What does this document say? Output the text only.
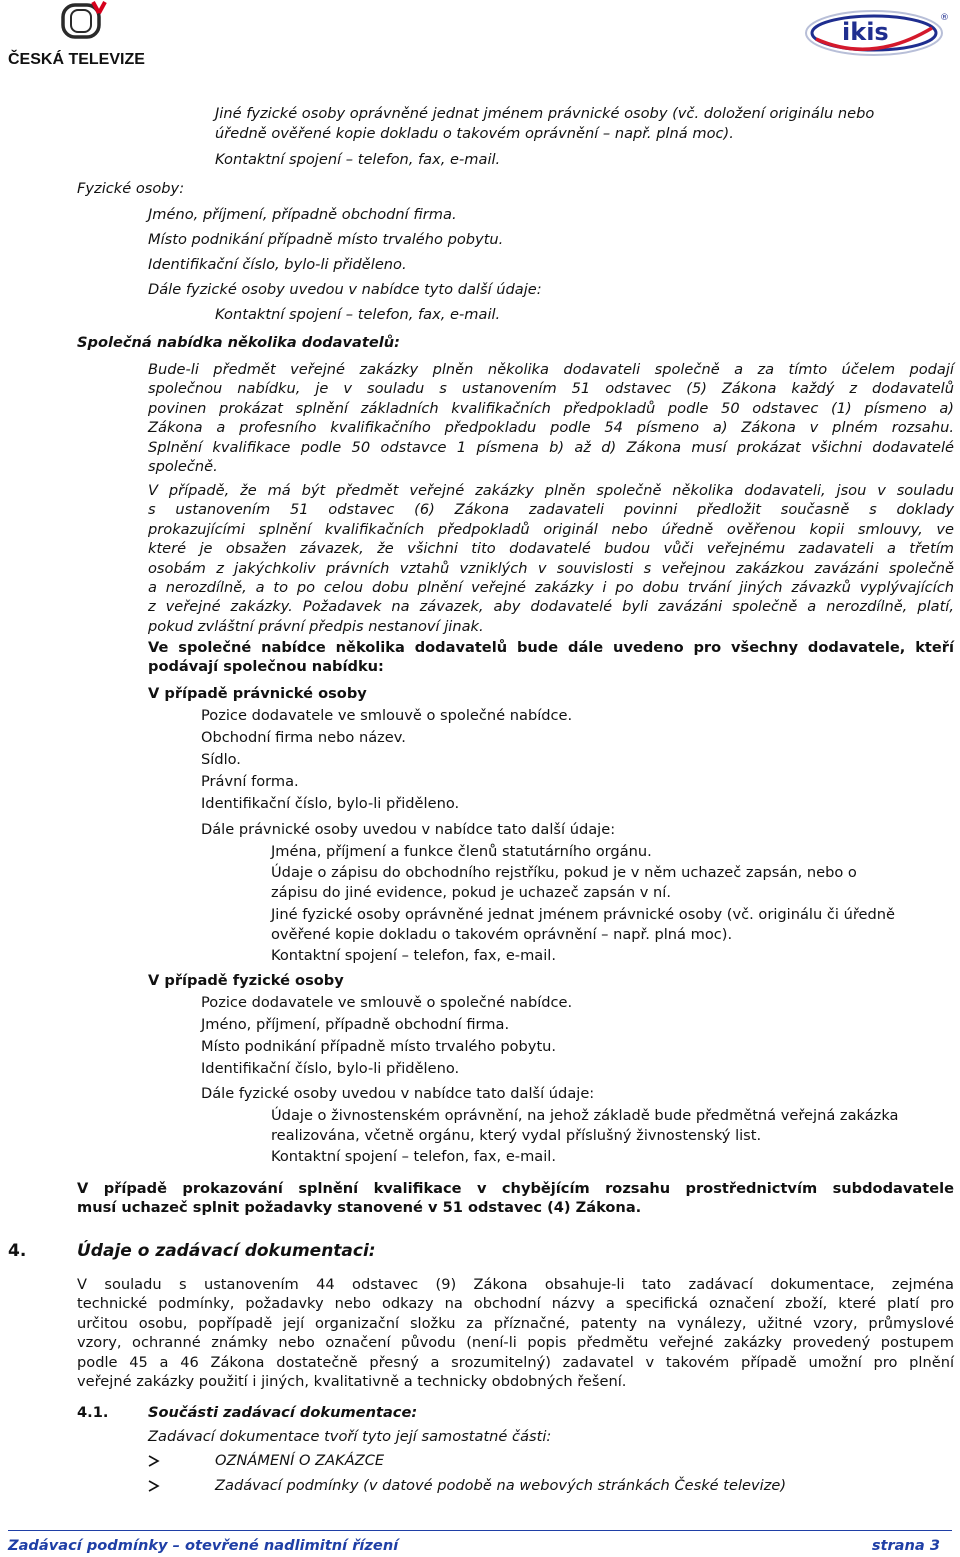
ČESKÁ TELEVIZE
ikis	®
Jiné fyzické osoby oprávněné jednat jménem právnické osoby (vč. doložení originálu nebo
úředně ověřené kopie dokladu o takovém oprávnění – např. plná moc).
Kontaktní spojení – telefon, fax, e-mail.
Fyzické osoby:
Jméno, příjmení, případně obchodní firma.
Místo podnikání případně místo trvalého pobytu.
Identifikační číslo, bylo-li přiděleno.
Dále fyzické osoby uvedou v nabídce tyto další údaje:
Kontaktní spojení – telefon, fax, e-mail.
Společná nabídka několika dodavatelů:
Bude-li předmět veřejné zakázky plněn několika dodavateli společně a za tímto účelem podají
společnou nabídku, je v souladu s ustanovením 51 odstavec (5) Zákona každý z dodavatelů
povinen prokázat splnění základních kvalifikačních předpokladů podle 50 odstavec (1) písmeno a)
Zákona a profesního kvalifikačního předpokladu podle 54 písmeno a) Zákona v plném rozsahu.
Splnění kvalifikace podle 50 odstavce 1 písmena b) až d) Zákona musí prokázat všichni dodavatelé
společně.
V případě, že má být předmět veřejné zakázky plněn společně několika dodavateli, jsou v souladu
s ustanovením 51 odstavec (6) Zákona zadavateli povinni předložit současně s doklady
prokazujícími splnění kvalifikačních předpokladů originál nebo úředně ověřenou kopii smlouvy, ve
které je obsažen závazek, že všichni tito dodavatelé budou vůči veřejnému zadavateli a třetím
osobám z jakýchkoliv právních vztahů vzniklých v souvislosti s veřejnou zakázkou zavázáni společně
a nerozdílně, a to po celou dobu plnění veřejné zakázky i po dobu trvání jiných závazků vyplývajících
z veřejné zakázky. Požadavek na závazek, aby dodavatelé byli zavázáni společně a nerozdílně, platí,
pokud zvláštní právní předpis nestanoví jinak.
Ve společné nabídce několika dodavatelů bude dále uvedeno pro všechny dodavatele, kteří
podávají společnou nabídku:
V případě právnické osoby
Pozice dodavatele ve smlouvě o společné nabídce.
Obchodní firma nebo název.
Sídlo.
Právní forma.
Identifikační číslo, bylo-li přiděleno.
Dále právnické osoby uvedou v nabídce tato další údaje:
Jména, příjmení a funkce členů statutárního orgánu.
Údaje o zápisu do obchodního rejstříku, pokud je v něm uchazeč zapsán, nebo o
zápisu do jiné evidence, pokud je uchazeč zapsán v ní.
Jiné fyzické osoby oprávněné jednat jménem právnické osoby (vč. originálu či úředně
ověřené kopie dokladu o takovém oprávnění – např. plná moc).
Kontaktní spojení – telefon, fax, e-mail.
V případě fyzické osoby
Pozice dodavatele ve smlouvě o společné nabídce.
Jméno, příjmení, případně obchodní firma.
Místo podnikání případně místo trvalého pobytu.
Identifikační číslo, bylo-li přiděleno.
Dále fyzické osoby uvedou v nabídce tato další údaje:
Údaje o živnostenském oprávnění, na jehož základě bude předmětná veřejná zakázka
realizována, včetně orgánu, který vydal příslušný živnostenský list.
Kontaktní spojení – telefon, fax, e-mail.
V případě prokazování splnění kvalifikace v chybějícím rozsahu prostřednictvím subdodavatele
musí uchazeč splnit požadavky stanovené v 51 odstavec (4) Zákona.
4.	Údaje o zadávací dokumentaci:
V souladu s ustanovením 44 odstavec (9) Zákona obsahuje-li tato zadávací dokumentace, zejména
technické podmínky, požadavky nebo odkazy na obchodní názvy a specifická označení zboží, které platí pro
určitou osobu, popřípadě její organizační složku za příznačné, patenty na vynálezy, užitné vzory, průmyslové
vzory, ochranné známky nebo označení původu (není-li popis předmětu veřejné zakázky provedený postupem
podle 45 a 46 Zákona dostatečně přesný a srozumitelný) zadavatel v takovém případě umožní pro plnění
veřejné zakázky použití i jiných, kvalitativně a technicky obdobných řešení.
4.1.	Součásti zadávací dokumentace:
Zadávací dokumentace tvoří tyto její samostatné části:
OZNÁMENÍ O ZAKÁZCE
Zadávací podmínky (v datové podobě na webových stránkách České televize)
Zadávací podmínky – otevřené nadlimitní řízení	strana 3
